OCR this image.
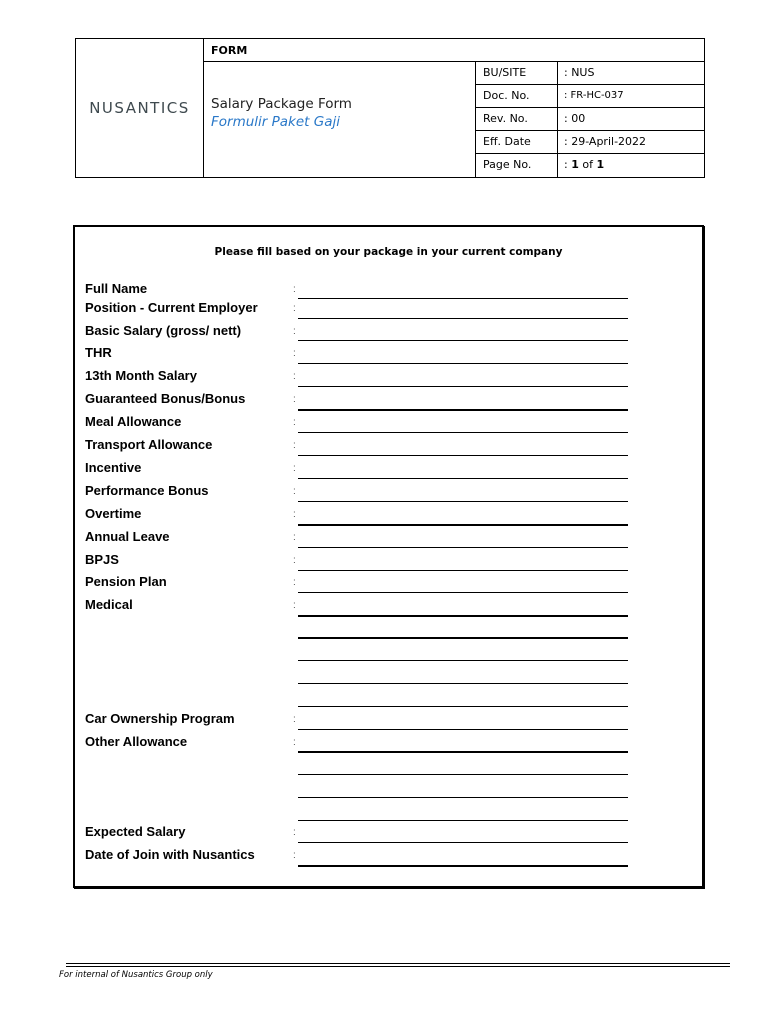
NUSANTICS
FORM
Salary Package Form
Formulir Paket Gaji
BU/SITE	: NUS
Doc. No.	: FR-HC-037
Rev. No.	: 00
Eff. Date	: 29-April-2022
Page No.	: 1 of 1
Please fill based on your package in your current company
Full Name	:
Position - Current Employer	:
Basic Salary (gross/ nett)	:
THR	:
13th Month Salary	:
Guaranteed Bonus/Bonus	:
Meal Allowance	:
Transport Allowance	:
Incentive	:
Performance Bonus	:
Overtime	:
Annual Leave	:
BPJS	:
Pension Plan	:
Medical	:
Car Ownership Program	:
Other Allowance	:
Expected Salary	:
Date of Join with Nusantics	:
For internal of Nusantics Group only
